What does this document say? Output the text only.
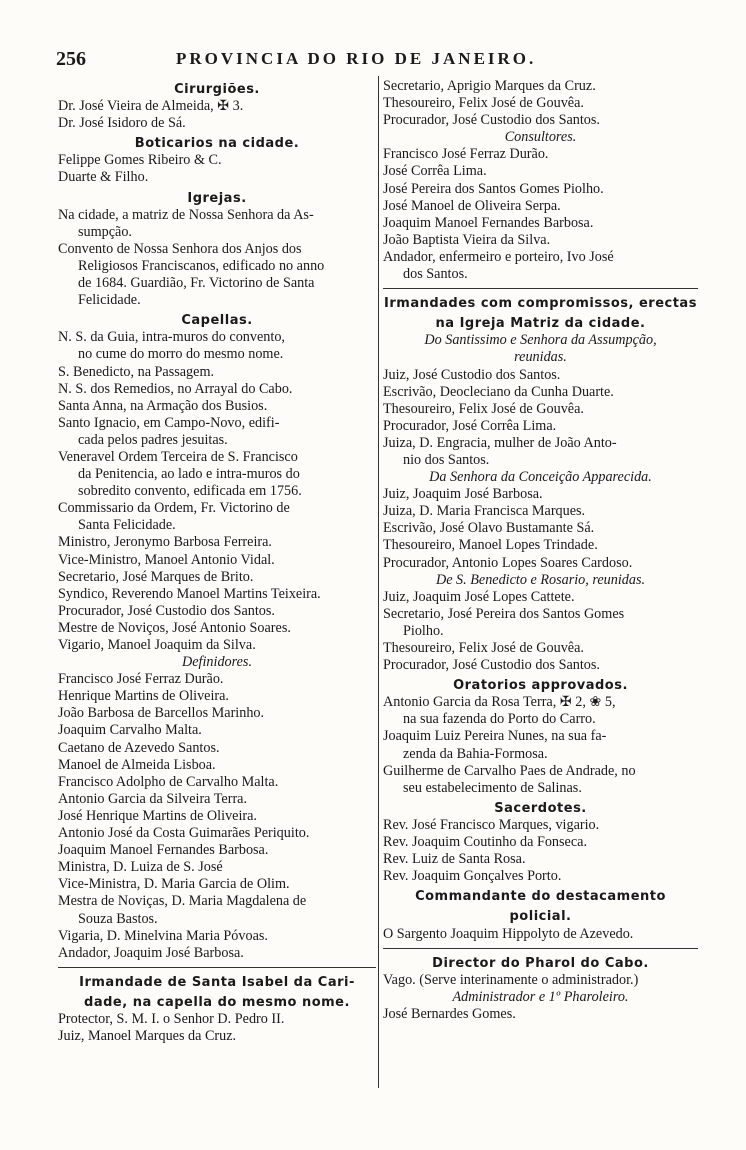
256	PROVINCIA DO RIO DE JANEIRO.
Cirurgiões.
Dr. José Vieira de Almeida, ✠ 3.
Dr. José Isidoro de Sá.
Boticarios na cidade.
Felippe Gomes Ribeiro & C.
Duarte & Filho.
Igrejas.
Na cidade, a matriz de Nossa Senhora da As-
sumpção.
Convento de Nossa Senhora dos Anjos dos
Religiosos Franciscanos, edificado no anno
de 1684. Guardião, Fr. Victorino de Santa
Felicidade.
Capellas.
N. S. da Guia, intra-muros do convento,
no cume do morro do mesmo nome.
S. Benedicto, na Passagem.
N. S. dos Remedios, no Arrayal do Cabo.
Santa Anna, na Armação dos Busios.
Santo Ignacio, em Campo-Novo, edifi-
cada pelos padres jesuitas.
Veneravel Ordem Terceira de S. Francisco
da Penitencia, ao lado e intra-muros do
sobredito convento, edificada em 1756.
Commissario da Ordem, Fr. Victorino de
Santa Felicidade.
Ministro, Jeronymo Barbosa Ferreira.
Vice-Ministro, Manoel Antonio Vidal.
Secretario, José Marques de Brito.
Syndico, Reverendo Manoel Martins Teixeira.
Procurador, José Custodio dos Santos.
Mestre de Noviços, José Antonio Soares.
Vigario, Manoel Joaquim da Silva.
Definidores.
Francisco José Ferraz Durão.
Henrique Martins de Oliveira.
João Barbosa de Barcellos Marinho.
Joaquim Carvalho Malta.
Caetano de Azevedo Santos.
Manoel de Almeida Lisboa.
Francisco Adolpho de Carvalho Malta.
Antonio Garcia da Silveira Terra.
José Henrique Martins de Oliveira.
Antonio José da Costa Guimarães Periquito.
Joaquim Manoel Fernandes Barbosa.
Ministra, D. Luiza de S. José
Vice-Ministra, D. Maria Garcia de Olim.
Mestra de Noviças, D. Maria Magdalena de
Souza Bastos.
Vigaria, D. Minelvina Maria Póvoas.
Andador, Joaquim José Barbosa.
Irmandade de Santa Isabel da Cari-
dade, na capella do mesmo nome.
Protector, S. M. I. o Senhor D. Pedro II.
Juiz, Manoel Marques da Cruz.
Secretario, Aprigio Marques da Cruz.
Thesoureiro, Felix José de Gouvêa.
Procurador, José Custodio dos Santos.
Consultores.
Francisco José Ferraz Durão.
José Corrêa Lima.
José Pereira dos Santos Gomes Piolho.
José Manoel de Oliveira Serpa.
Joaquim Manoel Fernandes Barbosa.
João Baptista Vieira da Silva.
Andador, enfermeiro e porteiro, Ivo José
dos Santos.
Irmandades com compromissos, erectas
na Igreja Matriz da cidade.
Do Santissimo e Senhora da Assumpção,
reunidas.
Juiz, José Custodio dos Santos.
Escrivão, Deocleciano da Cunha Duarte.
Thesoureiro, Felix José de Gouvêa.
Procurador, José Corrêa Lima.
Juiza, D. Engracia, mulher de João Anto-
nio dos Santos.
Da Senhora da Conceição Apparecida.
Juiz, Joaquim José Barbosa.
Juiza, D. Maria Francisca Marques.
Escrivão, José Olavo Bustamante Sá.
Thesoureiro, Manoel Lopes Trindade.
Procurador, Antonio Lopes Soares Cardoso.
De S. Benedicto e Rosario, reunidas.
Juiz, Joaquim José Lopes Cattete.
Secretario, José Pereira dos Santos Gomes
Piolho.
Thesoureiro, Felix José de Gouvêa.
Procurador, José Custodio dos Santos.
Oratorios approvados.
Antonio Garcia da Rosa Terra, ✠ 2, ❀ 5,
na sua fazenda do Porto do Carro.
Joaquim Luiz Pereira Nunes, na sua fa-
zenda da Bahia-Formosa.
Guilherme de Carvalho Paes de Andrade, no
seu estabelecimento de Salinas.
Sacerdotes.
Rev. José Francisco Marques, vigario.
Rev. Joaquim Coutinho da Fonseca.
Rev. Luiz de Santa Rosa.
Rev. Joaquim Gonçalves Porto.
Commandante do destacamento
policial.
O Sargento Joaquim Hippolyto de Azevedo.
Director do Pharol do Cabo.
Vago. (Serve interinamente o administrador.)
Administrador e 1º Pharoleiro.
José Bernardes Gomes.
